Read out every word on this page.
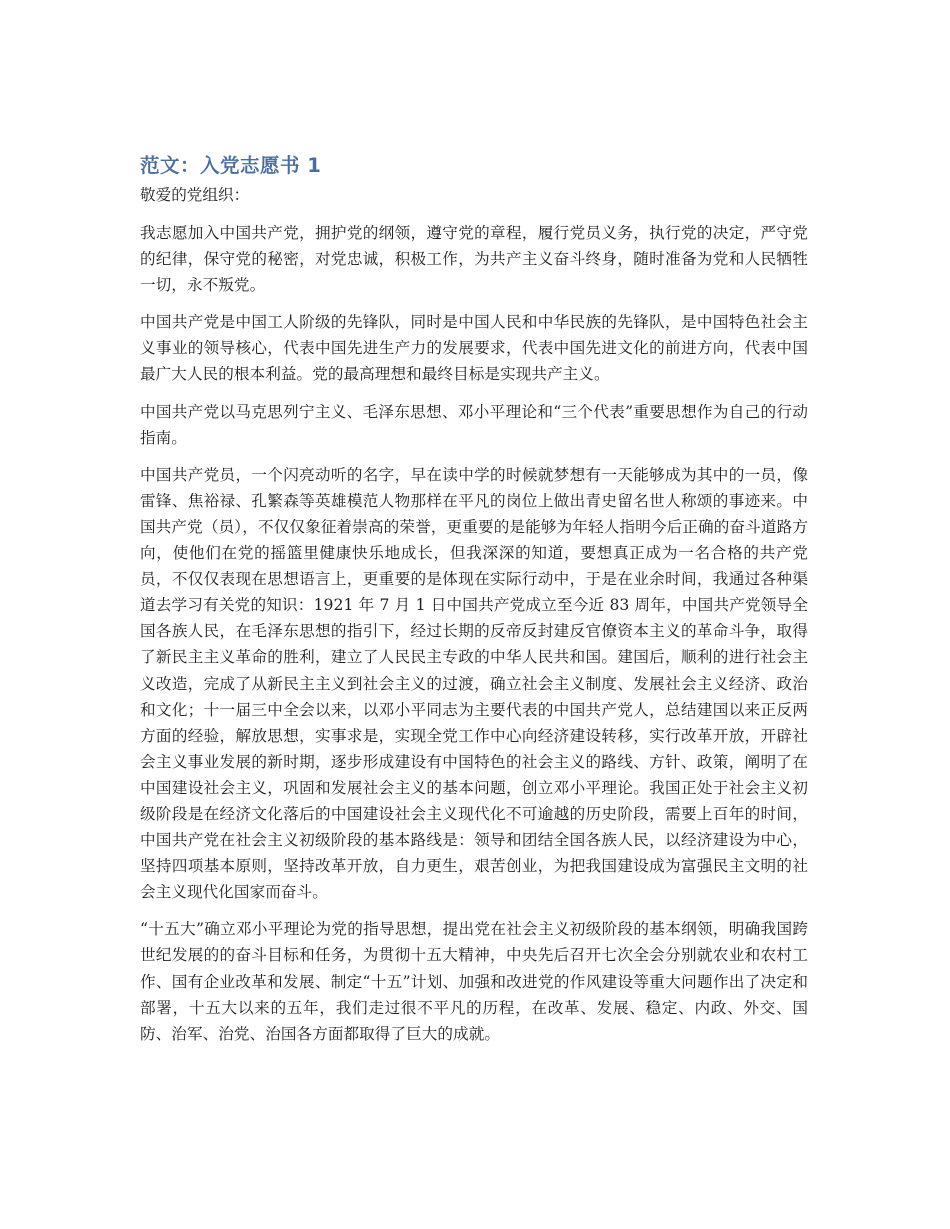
范文：入党志愿书 1

敬爱的党组织：

我志愿加入中国共产党，拥护党的纲领，遵守党的章程，履行党员义务，执行党的决定，严守党的纪律，保守党的秘密，对党忠诚，积极工作，为共产主义奋斗终身，随时准备为党和人民牺牲一切，永不叛党。

中国共产党是中国工人阶级的先锋队，同时是中国人民和中华民族的先锋队，是中国特色社会主义事业的领导核心，代表中国先进生产力的发展要求，代表中国先进文化的前进方向，代表中国最广大人民的根本利益。党的最高理想和最终目标是实现共产主义。

中国共产党以马克思列宁主义、毛泽东思想、邓小平理论和“三个代表”重要思想作为自己的行动指南。

中国共产党员，一个闪亮动听的名字，早在读中学的时候就梦想有一天能够成为其中的一员，像雷锋、焦裕禄、孔繁森等英雄模范人物那样在平凡的岗位上做出青史留名世人称颂的事迹来。中国共产党（员），不仅仅象征着崇高的荣誉，更重要的是能够为年轻人指明今后正确的奋斗道路方向，使他们在党的摇篮里健康快乐地成长，但我深深的知道，要想真正成为一名合格的共产党员，不仅仅表现在思想语言上，更重要的是体现在实际行动中，于是在业余时间，我通过各种渠道去学习有关党的知识：1921 年 7 月 1 日中国共产党成立至今近 83 周年，中国共产党领导全国各族人民，在毛泽东思想的指引下，经过长期的反帝反封建反官僚资本主义的革命斗争，取得了新民主主义革命的胜利，建立了人民民主专政的中华人民共和国。建国后，顺利的进行社会主义改造，完成了从新民主主义到社会主义的过渡，确立社会主义制度、发展社会主义经济、政治和文化；十一届三中全会以来，以邓小平同志为主要代表的中国共产党人，总结建国以来正反两方面的经验，解放思想，实事求是，实现全党工作中心向经济建设转移，实行改革开放，开辟社会主义事业发展的新时期，逐步形成建设有中国特色的社会主义的路线、方针、政策，阐明了在中国建设社会主义，巩固和发展社会主义的基本问题，创立邓小平理论。我国正处于社会主义初级阶段是在经济文化落后的中国建设社会主义现代化不可逾越的历史阶段，需要上百年的时间，中国共产党在社会主义初级阶段的基本路线是：领导和团结全国各族人民，以经济建设为中心，坚持四项基本原则，坚持改革开放，自力更生，艰苦创业，为把我国建设成为富强民主文明的社会主义现代化国家而奋斗。

“十五大”确立邓小平理论为党的指导思想，提出党在社会主义初级阶段的基本纲领，明确我国跨世纪发展的的奋斗目标和任务，为贯彻十五大精神，中央先后召开七次全会分别就农业和农村工作、国有企业改革和发展、制定“十五”计划、加强和改进党的作风建设等重大问题作出了决定和部署，十五大以来的五年，我们走过很不平凡的历程，在改革、发展、稳定、内政、外交、国防、治军、治党、治国各方面都取得了巨大的成就。
